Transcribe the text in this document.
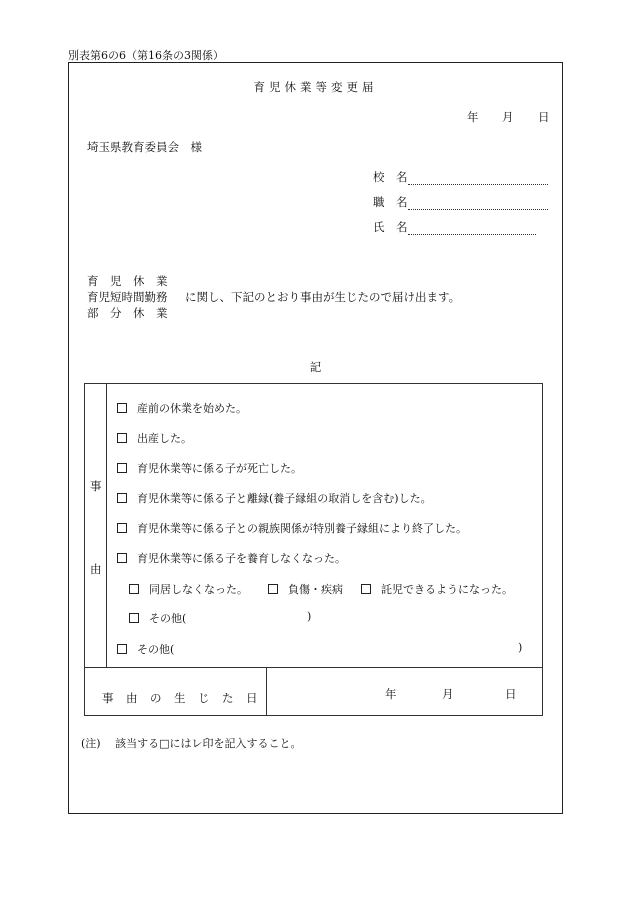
別表第6の6（第16条の3関係）
育児休業等変更届
年 月 日
埼玉県教育委員会　様
校　名
職　名
氏　名
育　児　休　業
育児短時間勤務
部　分　休　業
に関し、下記のとおり事由が生じたので届け出ます。
記
事
由
産前の休業を始めた。
出産した。
育児休業等に係る子が死亡した。
育児休業等に係る子と離縁(養子縁組の取消しを含む)した。
育児休業等に係る子との親族関係が特別養子縁組により終了した。
育児休業等に係る子を養育しなくなった。
同居しなくなった。	負傷・疾病	託児できるようになった。
その他(	)
その他(	)
事由の生じた日	年	月	日
(注)　 該当する□にはレ印を記入すること。
